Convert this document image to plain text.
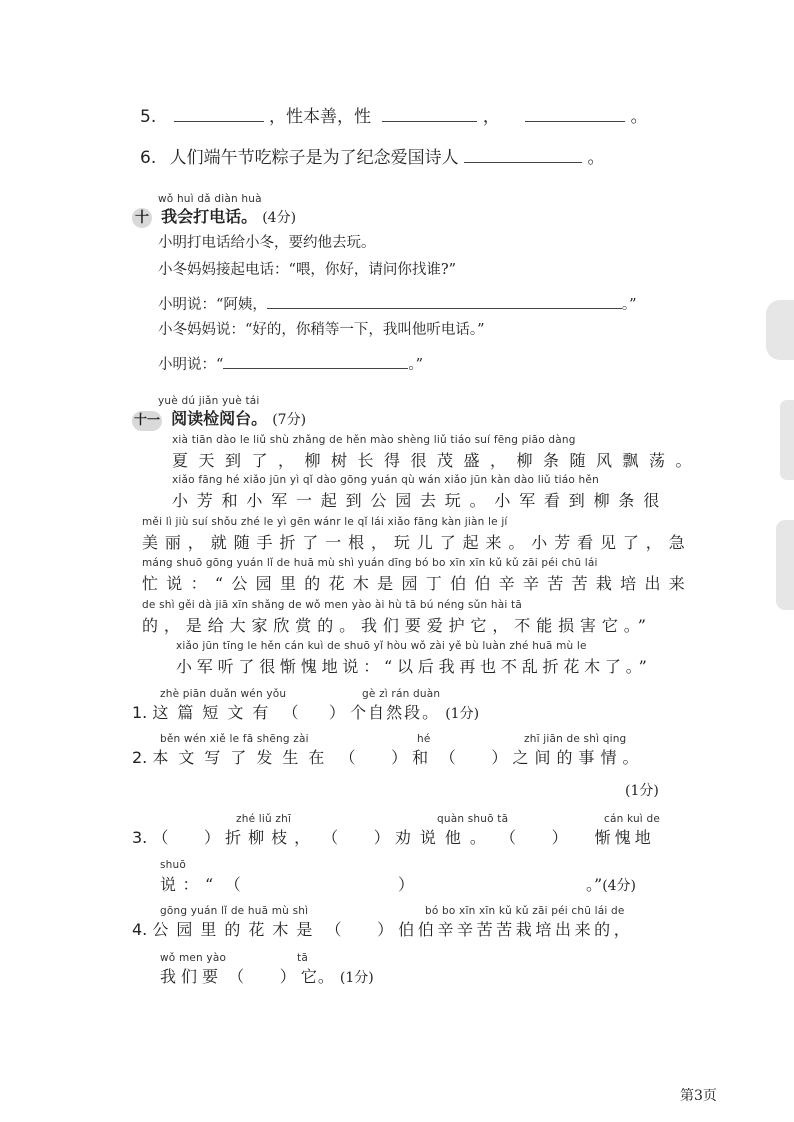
5.	，性本善，性	，	。
6. 人们端午节吃粽子是为了纪念爱国诗人	。
wǒ huì dǎ diàn huà
十 我会打电话。 (4分)
小明打电话给小冬，要约他去玩。
小冬妈妈接起电话：“喂，你好，请问你找谁?”
小明说：“阿姨，	。”
小冬妈妈说：“好的，你稍等一下，我叫他听电话。”
小明说：“	。”
yuè dú jiǎn yuè tái
十一 阅读检阅台。 (7分)
xià tiān dào le liǔ shù zhǎng de hěn mào shèng liǔ tiáo suí fēng piāo dàng
夏天到了，柳树长得很茂盛，柳条随风飘荡。
xiǎo fāng hé xiǎo jūn yì qǐ dào gōng yuán qù wán xiǎo jūn kàn dào liǔ tiáo hěn
小芳和小军一起到公园去玩。小军看到柳条很
měi lì jiù suí shǒu zhé le yì gēn wánr le qǐ lái xiǎo fāng kàn jiàn le jí
美丽，就随手折了一根，玩儿了起来。小芳看见了，急
máng shuō gōng yuán lǐ de huā mù shì yuán dīng bó bo xīn xīn kǔ kǔ zāi péi chū lái
忙说：“公园里的花木是园丁伯伯辛辛苦苦栽培出来
de shì gěi dà jiā xīn shǎng de wǒ men yào ài hù tā bú néng sǔn hài tā
的，是给大家欣赏的。我们要爱护它，不能损害它。”
xiǎo jūn tīng le hěn cán kuì de shuō yǐ hòu wǒ zài yě bù luàn zhé huā mù le
小军听了很惭愧地说：“以后我再也不乱折花木了。”
zhè piān duǎn wén yǒu	gè zì rán duàn
1. 这篇短文有 （      ） 个自然段。 (1分)
běn wén xiě le fā shēng zài	hé	zhī jiān de shì qing
2. 本文写了发生在 （       ） 和 （       ） 之间的事情。
(1分)
zhé liǔ zhī	quàn shuō tā	cán kuì de
3. （       ） 折柳枝， （       ） 劝说他。 （       ） 惭愧地
shuō
说：“ （	。”(4分)
）
gōng yuán lǐ de huā mù shì	bó bo xīn xīn kǔ kǔ zāi péi chū lái de
4. 公园里的花木是 （       ） 伯伯辛辛苦苦栽培出来的，
wǒ men yào	tā
我们要 （       ） 它。 (1分)
第3页
